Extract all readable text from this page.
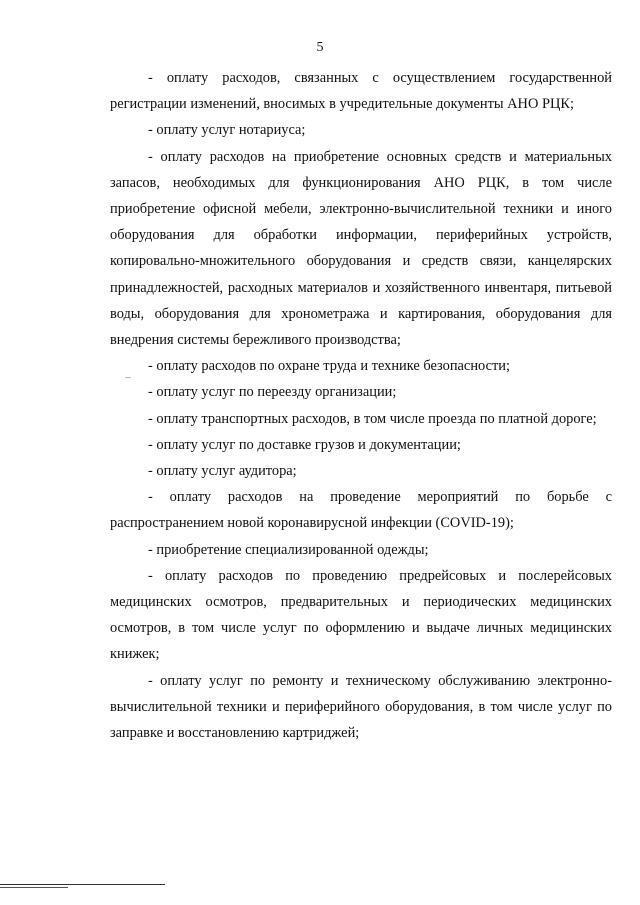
5

- оплату расходов, связанных с осуществлением государственной регистрации изменений, вносимых в учредительные документы АНО РЦК;

- оплату услуг нотариуса;

- оплату расходов на приобретение основных средств и материальных запасов, необходимых для функционирования АНО РЦК, в том числе приобретение офисной мебели, электронно-вычислительной техники и иного оборудования для обработки информации, периферийных устройств, копировально-множительного оборудования и средств связи, канцелярских принадлежностей, расходных материалов и хозяйственного инвентаря, питьевой воды, оборудования для хронометража и картирования, оборудования для внедрения системы бережливого производства;

- оплату расходов по охране труда и технике безопасности;

- оплату услуг по переезду организации;

- оплату транспортных расходов, в том числе проезда по платной дороге;

- оплату услуг по доставке грузов и документации;

- оплату услуг аудитора;

- оплату расходов на проведение мероприятий по борьбе с распространением новой коронавирусной инфекции (COVID-19);

- приобретение специализированной одежды;

- оплату расходов по проведению предрейсовых и послерейсовых медицинских осмотров, предварительных и периодических медицинских осмотров, в том числе услуг по оформлению и выдаче личных медицинских книжек;

- оплату услуг по ремонту и техническому обслуживанию электронно-вычислительной техники и периферийного оборудования, в том числе услуг по заправке и восстановлению картриджей;
